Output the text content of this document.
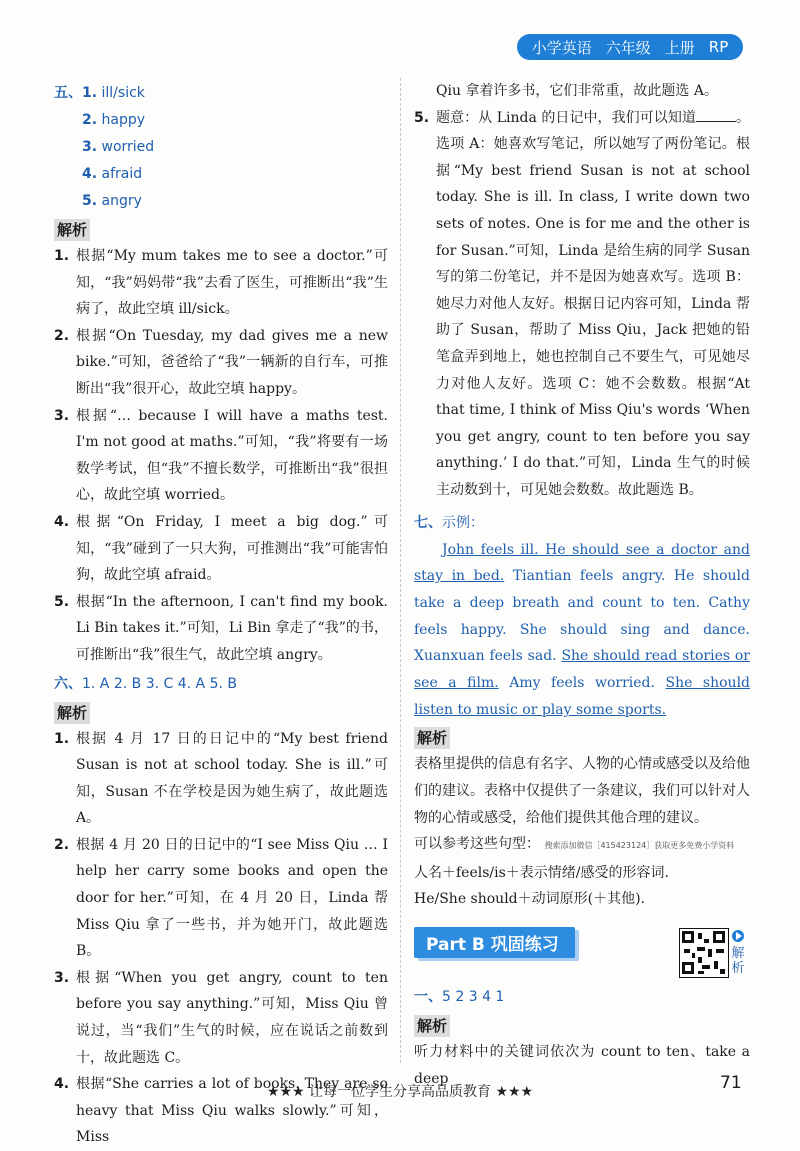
小学英语 六年级 上册 RP
五、1. ill/sick
2. happy
3. worried
4. afraid
5. angry
解析
1. 根据“My mum takes me to see a doctor.”可知，“我”妈妈带“我”去看了医生，可推断出“我”生病了，故此空填 ill/sick。
2. 根据“On Tuesday, my dad gives me a new bike.”可知，爸爸给了“我”一辆新的自行车，可推断出“我”很开心，故此空填 happy。
3. 根据“… because I will have a maths test. I'm not good at maths.”可知，“我”将要有一场数学考试，但“我”不擅长数学，可推断出“我”很担心，故此空填 worried。
4. 根据“On Friday, I meet a big dog.”可知，“我”碰到了一只大狗，可推测出“我”可能害怕狗，故此空填 afraid。
5. 根据“In the afternoon, I can't find my book. Li Bin takes it.”可知，Li Bin 拿走了“我”的书，可推断出“我”很生气，故此空填 angry。
六、1. A 2. B 3. C 4. A 5. B
解析
1. 根据 4 月 17 日的日记中的“My best friend Susan is not at school today. She is ill.”可知，Susan 不在学校是因为她生病了，故此题选 A。
2. 根据 4 月 20 日的日记中的“I see Miss Qiu … I help her carry some books and open the door for her.”可知，在 4 月 20 日，Linda 帮 Miss Qiu 拿了一些书，并为她开门，故此题选 B。
3. 根据“When you get angry, count to ten before you say anything.”可知，Miss Qiu 曾说过，当“我们”生气的时候，应在说话之前数到十，故此题选 C。
4. 根据“She carries a lot of books. They are so heavy that Miss Qiu walks slowly.”可知，Miss

Qiu 拿着许多书，它们非常重，故此题选 A。

5. 题意：从 Linda 的日记中，我们可以知道	。选项 A：她喜欢写笔记，所以她写了两份笔记。根据“My best friend Susan is not at school today. She is ill. In class, I write down two sets of notes. One is for me and the other is for Susan.”可知，Linda 是给生病的同学 Susan 写的第二份笔记，并不是因为她喜欢写。选项 B：她尽力对他人友好。根据日记内容可知，Linda 帮助了 Susan，帮助了 Miss Qiu，Jack 把她的铅笔盒弄到地上，她也控制自己不要生气，可见她尽力对他人友好。选项 C：她不会数数。根据“At that time, I think of Miss Qiu's words ‘When you get angry, count to ten before you say anything.’ I do that.”可知，Linda 生气的时候主动数到十，可见她会数数。故此题选 B。
七、示例：

John feels ill. He should see a doctor and stay in bed. Tiantian feels angry. He should take a deep breath and count to ten. Cathy feels happy. She should sing and dance. Xuanxuan feels sad. She should read stories or see a film. Amy feels worried. She should listen to music or play some sports.

解析

表格里提供的信息有名字、人物的心情或感受以及给他们的建议。表格中仅提供了一条建议，我们可以针对人物的心情或感受，给他们提供其他合理的建议。

可以参考这些句型： 搜索添加微信［415423124］获取更多免费小学资料

人名＋feels/is＋表示情绪/感受的形容词.

He/She should＋动词原形(＋其他).

Part B 巩固练习
一、5 2 3 4 1
解析

听力材料中的关键词依次为 count to ten、take a deep

解析
★★★ 让每一位学生分享高品质教育 ★★★	71
